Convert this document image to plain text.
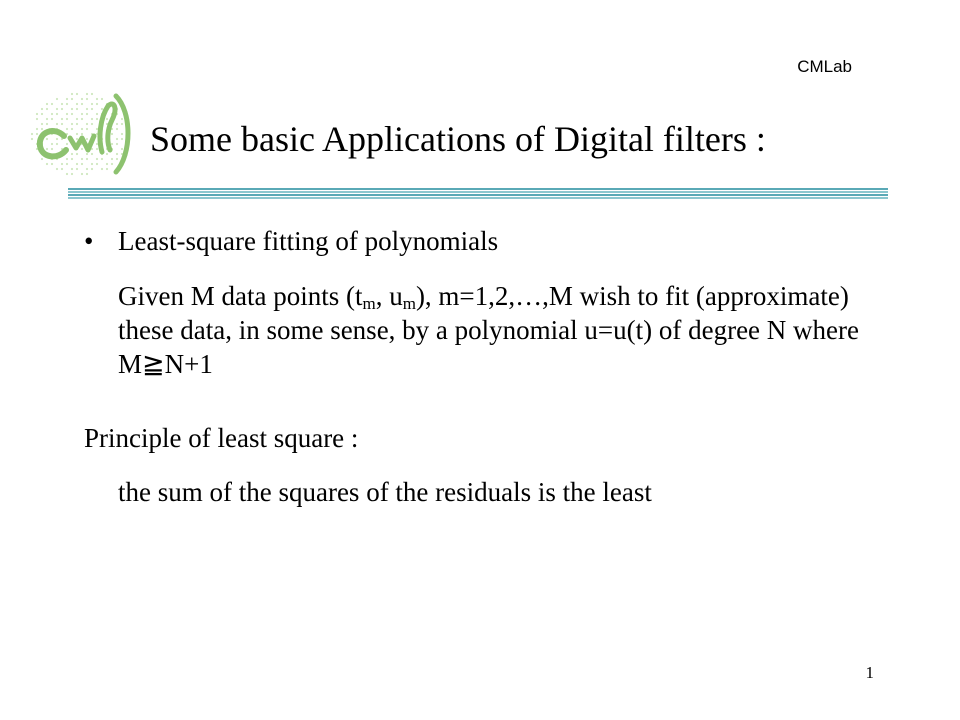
CMLab
Some basic Applications of Digital filters :
• Least-square fitting of polynomials
Given M data points ($t_m$, $u_m$), m=1,2,…,M wish to fit (approximate) these data, in some sense, by a polynomial u=u(t) of degree N where M≧N+1
Principle of least square :
the sum of the squares of the residuals is the least
1
